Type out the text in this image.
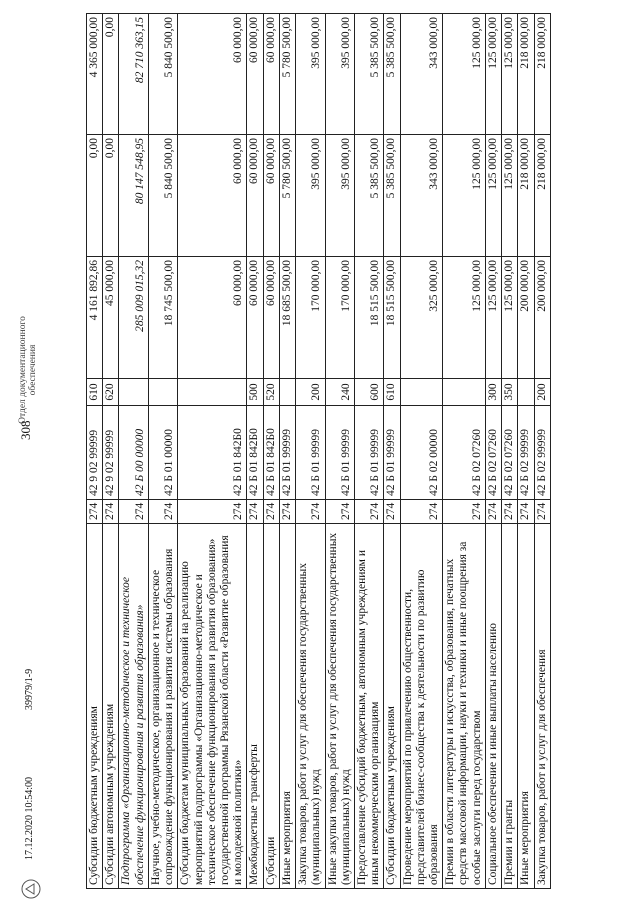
308
Субсидии бюджетным учреждениям	274	42 9 02 99999	610	4 161 892,86	0,00	4 365 000,00
Субсидии автономным учреждениям	274	42 9 02 99999	620	45 000,00	0,00	0,00
Подпрограмма «Организационно-методическое и техническое обеспечение функционирования и развития образования»	274	42 Б 00 00000		285 009 015,32	80 147 548,95	82 710 363,15
Научное, учебно-методическое, организационное и техническое сопровождение функционирования и развития системы образования	274	42 Б 01 00000		18 745 500,00	5 840 500,00	5 840 500,00
Субсидии бюджетам муниципальных образований на реализацию мероприятий подпрограммы «Организационно-методическое и техническое обеспечение функционирования и развития образования» государственной программы Рязанской области «Развитие образования и молодежной политики»	274	42 Б 01 842Б0		60 000,00	60 000,00	60 000,00
Межбюджетные трансферты	274	42 Б 01 842Б0	500	60 000,00	60 000,00	60 000,00
Субсидии	274	42 Б 01 842Б0	520	60 000,00	60 000,00	60 000,00
Иные мероприятия	274	42 Б 01 99999		18 685 500,00	5 780 500,00	5 780 500,00
Закупка товаров, работ и услуг для обеспечения государственных (муниципальных) нужд	274	42 Б 01 99999	200	170 000,00	395 000,00	395 000,00
Иные закупки товаров, работ и услуг для обеспечения государственных (муниципальных) нужд	274	42 Б 01 99999	240	170 000,00	395 000,00	395 000,00
Предоставление субсидий бюджетным, автономным учреждениям и иным некоммерческим организациям	274	42 Б 01 99999	600	18 515 500,00	5 385 500,00	5 385 500,00
Субсидии бюджетным учреждениям	274	42 Б 01 99999	610	18 515 500,00	5 385 500,00	5 385 500,00
Проведение мероприятий по привлечению общественности, представителей бизнес-сообщества к деятельности по развитию образования	274	42 Б 02 00000		325 000,00	343 000,00	343 000,00
Премии в области литературы и искусства, образования, печатных средств массовой информации, науки и техники и иные поощрения за особые заслуги перед государством	274	42 Б 02 07260		125 000,00	125 000,00	125 000,00
Социальное обеспечение и иные выплаты населению	274	42 Б 02 07260	300	125 000,00	125 000,00	125 000,00
Премии и гранты	274	42 Б 02 07260	350	125 000,00	125 000,00	125 000,00
Иные мероприятия	274	42 Б 02 99999		200 000,00	218 000,00	218 000,00
Закупка товаров, работ и услуг для обеспечения	274	42 Б 02 99999	200	200 000,00	218 000,00	218 000,00
17.12.2020 10:54:00
39979/1-9
Отдел документационного обеспечения
